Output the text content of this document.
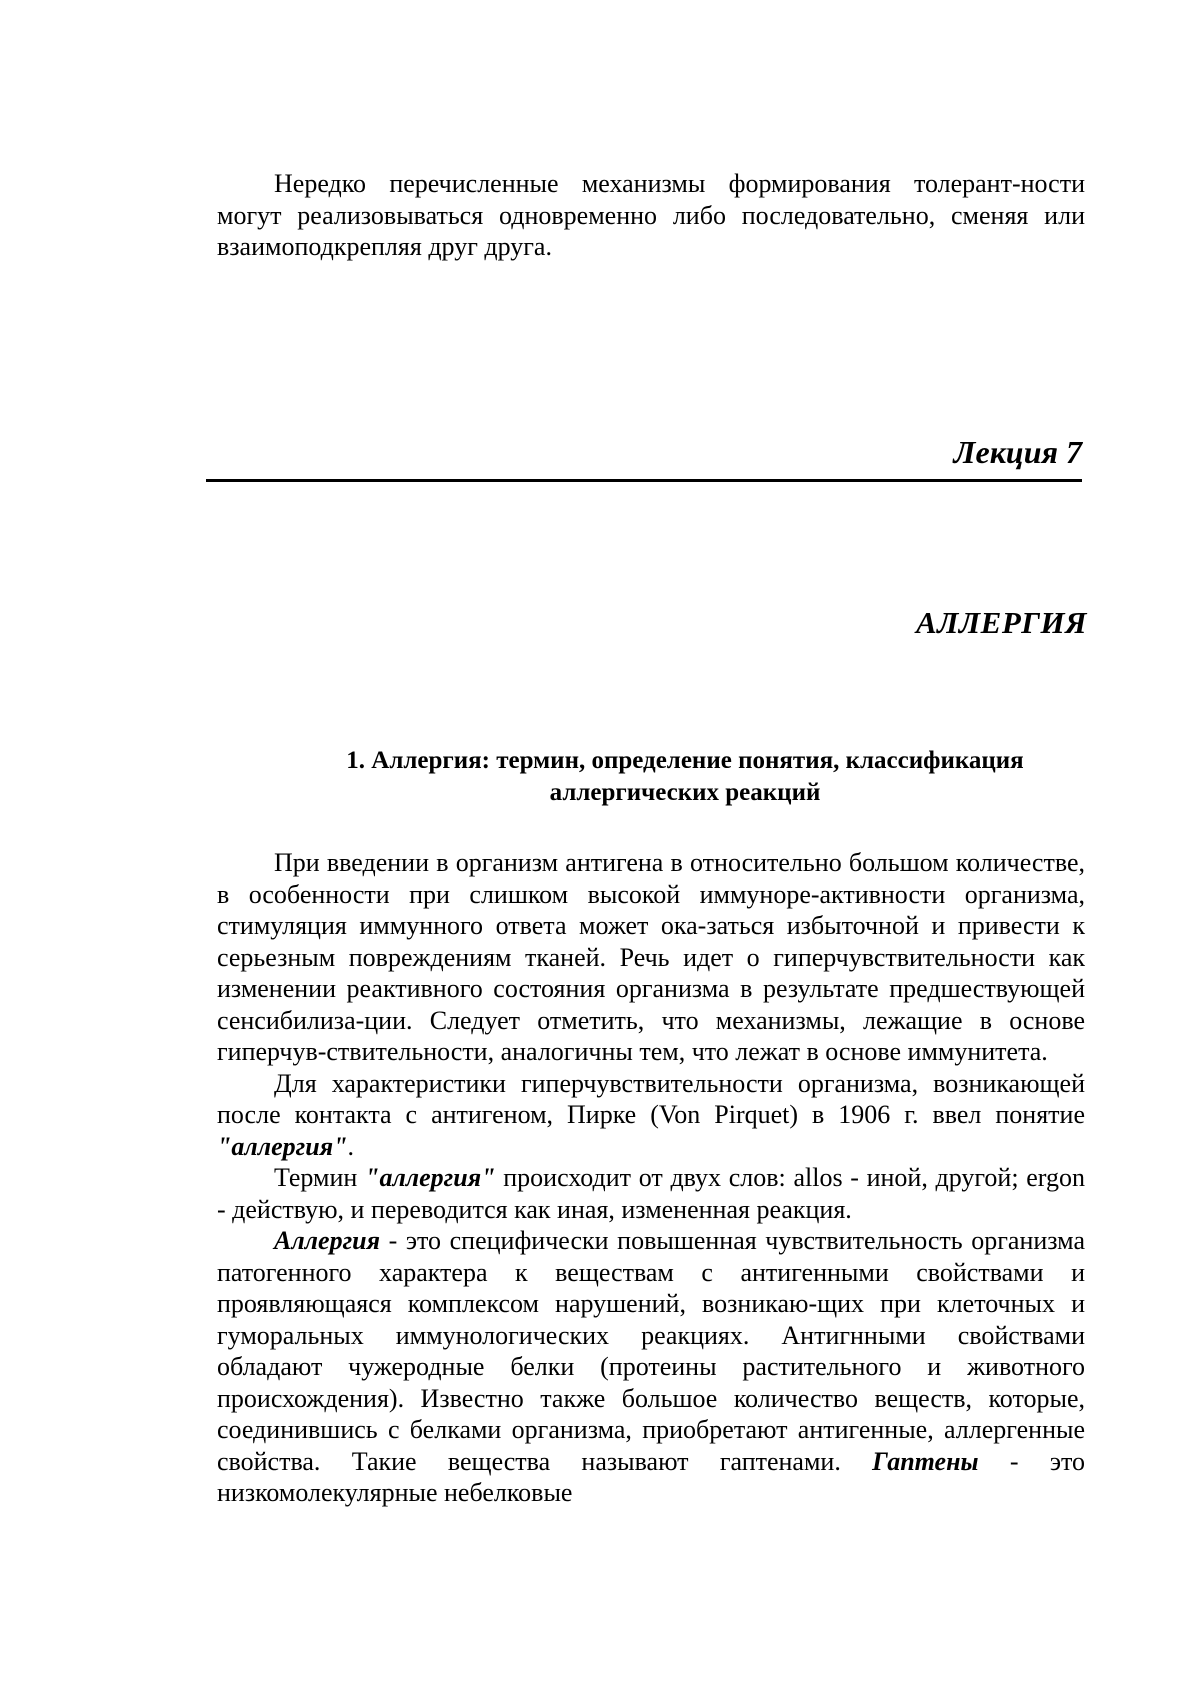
Нередко перечисленные механизмы формирования толерант-ности могут реализовываться одновременно либо последовательно, сменяя или взаимоподкрепляя друг друга.

Лекция 7
АЛЛЕРГИЯ
1. Аллергия: термин, определение понятия, классификация
аллергических реакций

При введении в организм антигена в относительно большом количестве, в особенности при слишком высокой иммуноре-активности организма, стимуляция иммунного ответа может ока-заться избыточной и привести к серьезным повреждениям тканей. Речь идет о гиперчувствительности как изменении реактивного состояния организма в результате предшествующей сенсибилиза-ции. Следует отметить, что механизмы, лежащие в основе гиперчув-ствительности, аналогичны тем, что лежат в основе иммунитета.

Для характеристики гиперчувствительности организма, возникающей после контакта с антигеном, Пирке (Von Pirquet) в 1906 г. ввел понятие "аллергия".

Термин "аллергия" происходит от двух слов: allos - иной, другой; ergon - действую, и переводится как иная, измененная реакция.

Аллергия - это специфически повышенная чувствительность организма патогенного характера к веществам с антигенными свойствами и проявляющаяся комплексом нарушений, возникаю-щих при клеточных и гуморальных иммунологических реакциях. Антигнными свойствами обладают чужеродные белки (протеины растительного и животного происхождения). Известно также большое количество веществ, которые, соединившись с белками организма, приобретают антигенные, аллергенные свойства. Такие вещества называют гаптенами. Гаптены - это низкомолекулярные небелковые
